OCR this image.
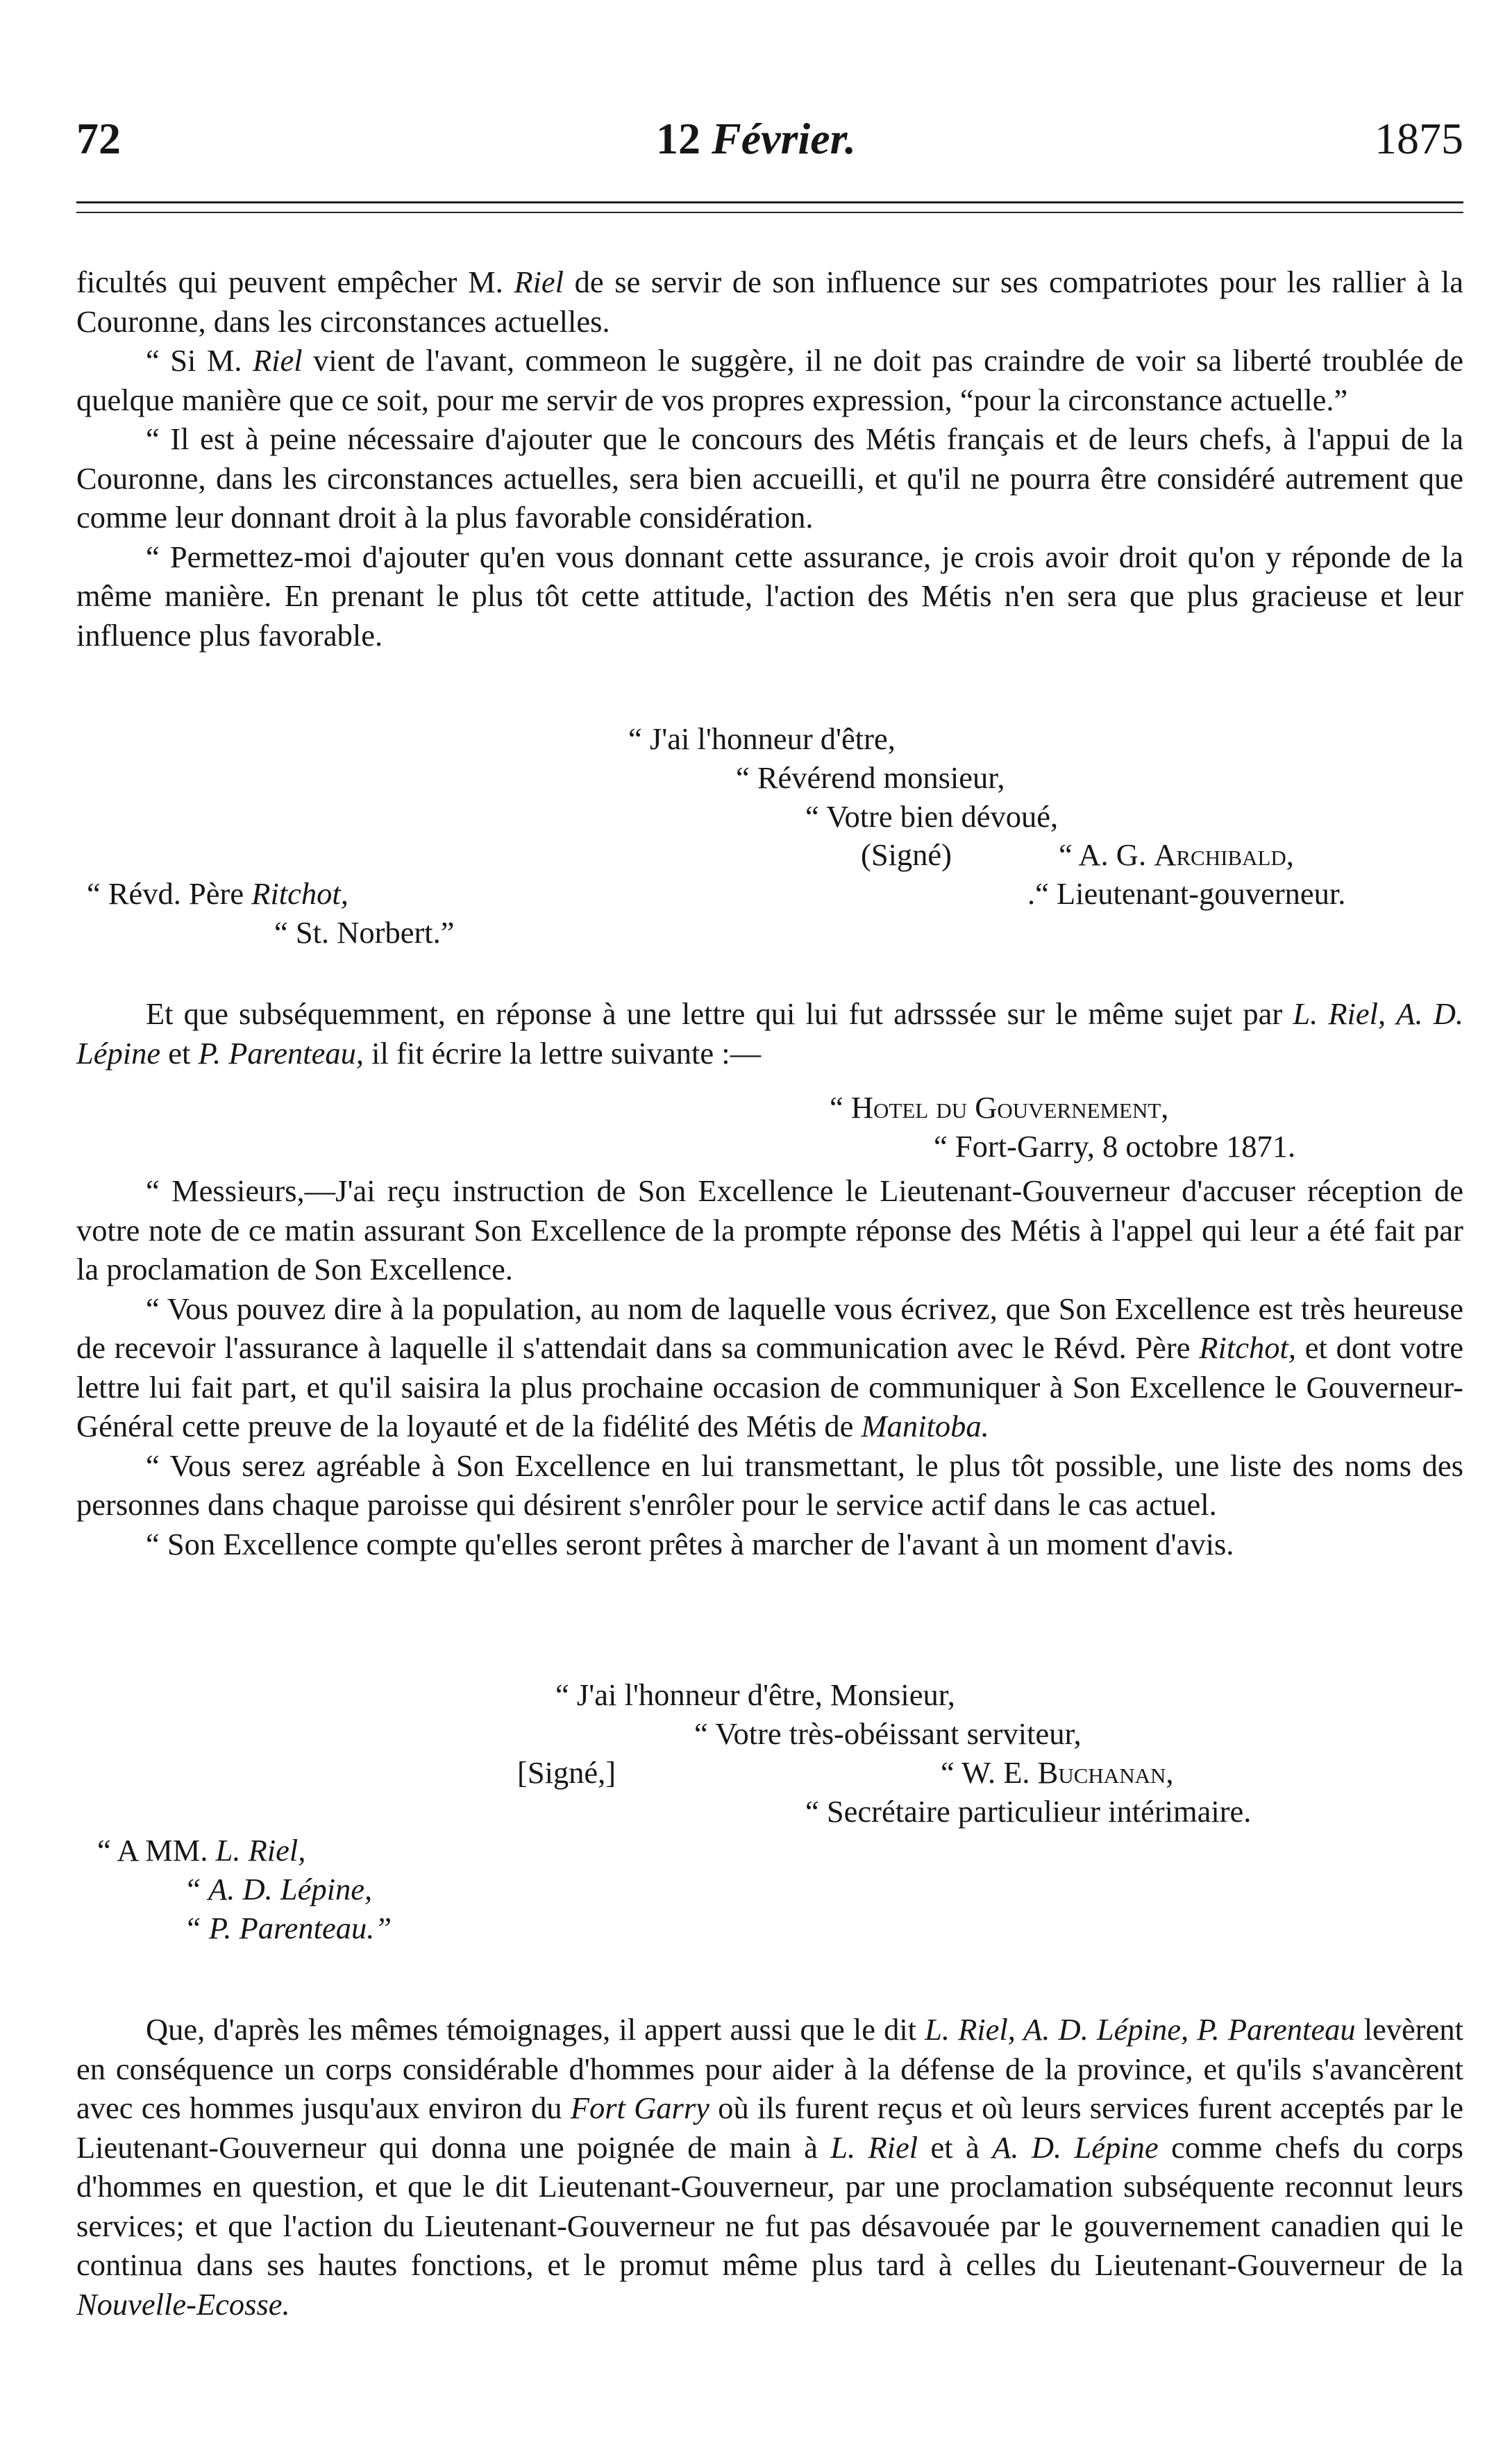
72	12 Février.	1875

ficultés qui peuvent empêcher M. Riel de se servir de son influence sur ses compatriotes pour les rallier à la Couronne, dans les circonstances actuelles.

“ Si M. Riel vient de l'avant, commeon le suggère, il ne doit pas craindre de voir sa liberté troublée de quelque manière que ce soit, pour me servir de vos propres expression, “pour la circonstance actuelle.”

“ Il est à peine nécessaire d'ajouter que le concours des Métis français et de leurs chefs, à l'appui de la Couronne, dans les circonstances actuelles, sera bien accueilli, et qu'il ne pourra être considéré autrement que comme leur donnant droit à la plus favorable considération.

“ Permettez-moi d'ajouter qu'en vous donnant cette assurance, je crois avoir droit qu'on y réponde de la même manière. En prenant le plus tôt cette attitude, l'action des Métis n'en sera que plus gracieuse et leur influence plus favorable.

“ J'ai l'honneur d'être,
“ Révérend monsieur,
“ Votre bien dévoué,
(Signé)	“ A. G. Archibald,
.“ Lieutenant-gouverneur.
“ Révd. Père Ritchot,
“ St. Norbert.”

Et que subséquemment, en réponse à une lettre qui lui fut adrsssée sur le même sujet par L. Riel, A. D. Lépine et P. Parenteau, il fit écrire la lettre suivante :—

“ Hotel du Gouvernement,
“ Fort-Garry, 8 octobre 1871.

“ Messieurs,—J'ai reçu instruction de Son Excellence le Lieutenant-Gouverneur d'accuser réception de votre note de ce matin assurant Son Excellence de la prompte réponse des Métis à l'appel qui leur a été fait par la proclamation de Son Excellence.

“ Vous pouvez dire à la population, au nom de laquelle vous écrivez, que Son Excellence est très heureuse de recevoir l'assurance à laquelle il s'attendait dans sa communication avec le Révd. Père Ritchot, et dont votre lettre lui fait part, et qu'il saisira la plus prochaine occasion de communiquer à Son Excellence le Gouverneur-Général cette preuve de la loyauté et de la fidélité des Métis de Manitoba.

“ Vous serez agréable à Son Excellence en lui transmettant, le plus tôt possible, une liste des noms des personnes dans chaque paroisse qui désirent s'enrôler pour le service actif dans le cas actuel.

“ Son Excellence compte qu'elles seront prêtes à marcher de l'avant à un moment d'avis.

“ J'ai l'honneur d'être, Monsieur,
“ Votre très-obéissant serviteur,
[Signé,]	“ W. E. Buchanan,
“ Secrétaire particulieur intérimaire.
“ A MM. L. Riel,
“ A. D. Lépine,
“ P. Parenteau.”

Que, d'après les mêmes témoignages, il appert aussi que le dit L. Riel, A. D. Lépine, P. Parenteau levèrent en conséquence un corps considérable d'hommes pour aider à la défense de la province, et qu'ils s'avancèrent avec ces hommes jusqu'aux environ du Fort Garry où ils furent reçus et où leurs services furent acceptés par le Lieutenant-Gouverneur qui donna une poignée de main à L. Riel et à A. D. Lépine comme chefs du corps d'hommes en question, et que le dit Lieutenant-Gouverneur, par une proclamation subséquente reconnut leurs services; et que l'action du Lieutenant-Gouverneur ne fut pas désavouée par le gouvernement canadien qui le continua dans ses hautes fonctions, et le promut même plus tard à celles du Lieutenant-Gouverneur de la Nouvelle-Ecosse.
